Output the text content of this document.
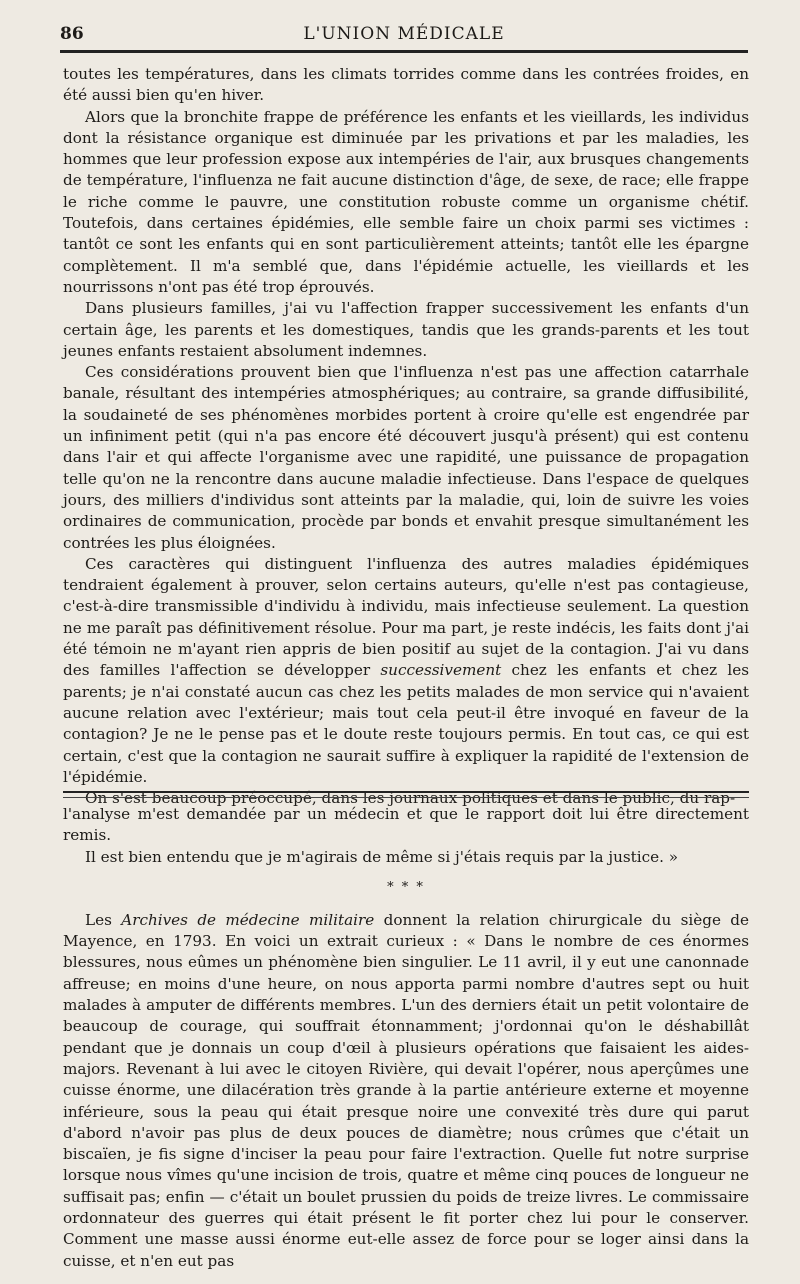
86	L'UNION MÉDICALE

toutes les températures, dans les climats torrides comme dans les contrées froides, en été aussi bien qu'en hiver.

Alors que la bronchite frappe de préférence les enfants et les vieillards, les individus dont la résistance organique est diminuée par les privations et par les maladies, les hommes que leur profession expose aux intempéries de l'air, aux brusques changements de température, l'influenza ne fait aucune distinction d'âge, de sexe, de race; elle frappe le riche comme le pauvre, une constitution robuste comme un organisme chétif. Toutefois, dans certaines épidémies, elle semble faire un choix parmi ses victimes : tantôt ce sont les enfants qui en sont particulièrement atteints; tantôt elle les épargne complètement. Il m'a semblé que, dans l'épidémie actuelle, les vieillards et les nourrissons n'ont pas été trop éprouvés.

Dans plusieurs familles, j'ai vu l'affection frapper successivement les enfants d'un certain âge, les parents et les domestiques, tandis que les grands-parents et les tout jeunes enfants restaient absolument indemnes.

Ces considérations prouvent bien que l'influenza n'est pas une affection catarrhale banale, résultant des intempéries atmosphériques; au contraire, sa grande diffusibilité, la soudaineté de ses phénomènes morbides portent à croire qu'elle est engendrée par un infiniment petit (qui n'a pas encore été découvert jusqu'à présent) qui est contenu dans l'air et qui affecte l'organisme avec une rapidité, une puissance de propagation telle qu'on ne la rencontre dans aucune maladie infectieuse. Dans l'espace de quelques jours, des milliers d'individus sont atteints par la maladie, qui, loin de suivre les voies ordinaires de communication, procède par bonds et envahit presque simultanément les contrées les plus éloignées.

Ces caractères qui distinguent l'influenza des autres maladies épidémiques tendraient également à prouver, selon certains auteurs, qu'elle n'est pas contagieuse, c'est-à-dire transmissible d'individu à individu, mais infectieuse seulement. La question ne me paraît pas définitivement résolue. Pour ma part, je reste indécis, les faits dont j'ai été témoin ne m'ayant rien appris de bien positif au sujet de la contagion. J'ai vu dans des familles l'affection se développer successivement chez les enfants et chez les parents; je n'ai constaté aucun cas chez les petits malades de mon service qui n'avaient aucune relation avec l'extérieur; mais tout cela peut-il être invoqué en faveur de la contagion? Je ne le pense pas et le doute reste toujours permis. En tout cas, ce qui est certain, c'est que la contagion ne saurait suffire à expliquer la rapidité de l'extension de l'épidémie.

On s'est beaucoup préoccupé, dans les journaux politiques et dans le public, du rap-

l'analyse m'est demandée par un médecin et que le rapport doit lui être directement remis.

Il est bien entendu que je m'agirais de même si j'étais requis par la justice. »

* * *

Les Archives de médecine militaire donnent la relation chirurgicale du siège de Mayence, en 1793. En voici un extrait curieux : « Dans le nombre de ces énormes blessures, nous eûmes un phénomène bien singulier. Le 11 avril, il y eut une canonnade affreuse; en moins d'une heure, on nous apporta parmi nombre d'autres sept ou huit malades à amputer de différents membres. L'un des derniers était un petit volontaire de beaucoup de courage, qui souffrait étonnamment; j'ordonnai qu'on le déshabillât pendant que je donnais un coup d'œil à plusieurs opérations que faisaient les aides-majors. Revenant à lui avec le citoyen Rivière, qui devait l'opérer, nous aperçûmes une cuisse énorme, une dilacération très grande à la partie antérieure externe et moyenne inférieure, sous la peau qui était presque noire une convexité très dure qui parut d'abord n'avoir pas plus de deux pouces de diamètre; nous crûmes que c'était un biscaïen, je fis signe d'inciser la peau pour faire l'extraction. Quelle fut notre surprise lorsque nous vîmes qu'une incision de trois, quatre et même cinq pouces de longueur ne suffisait pas; enfin — c'était un boulet prussien du poids de treize livres. Le commissaire ordonnateur des guerres qui était présent le fit porter chez lui pour le conserver. Comment une masse aussi énorme eut-elle assez de force pour se loger ainsi dans la cuisse, et n'en eut pas
